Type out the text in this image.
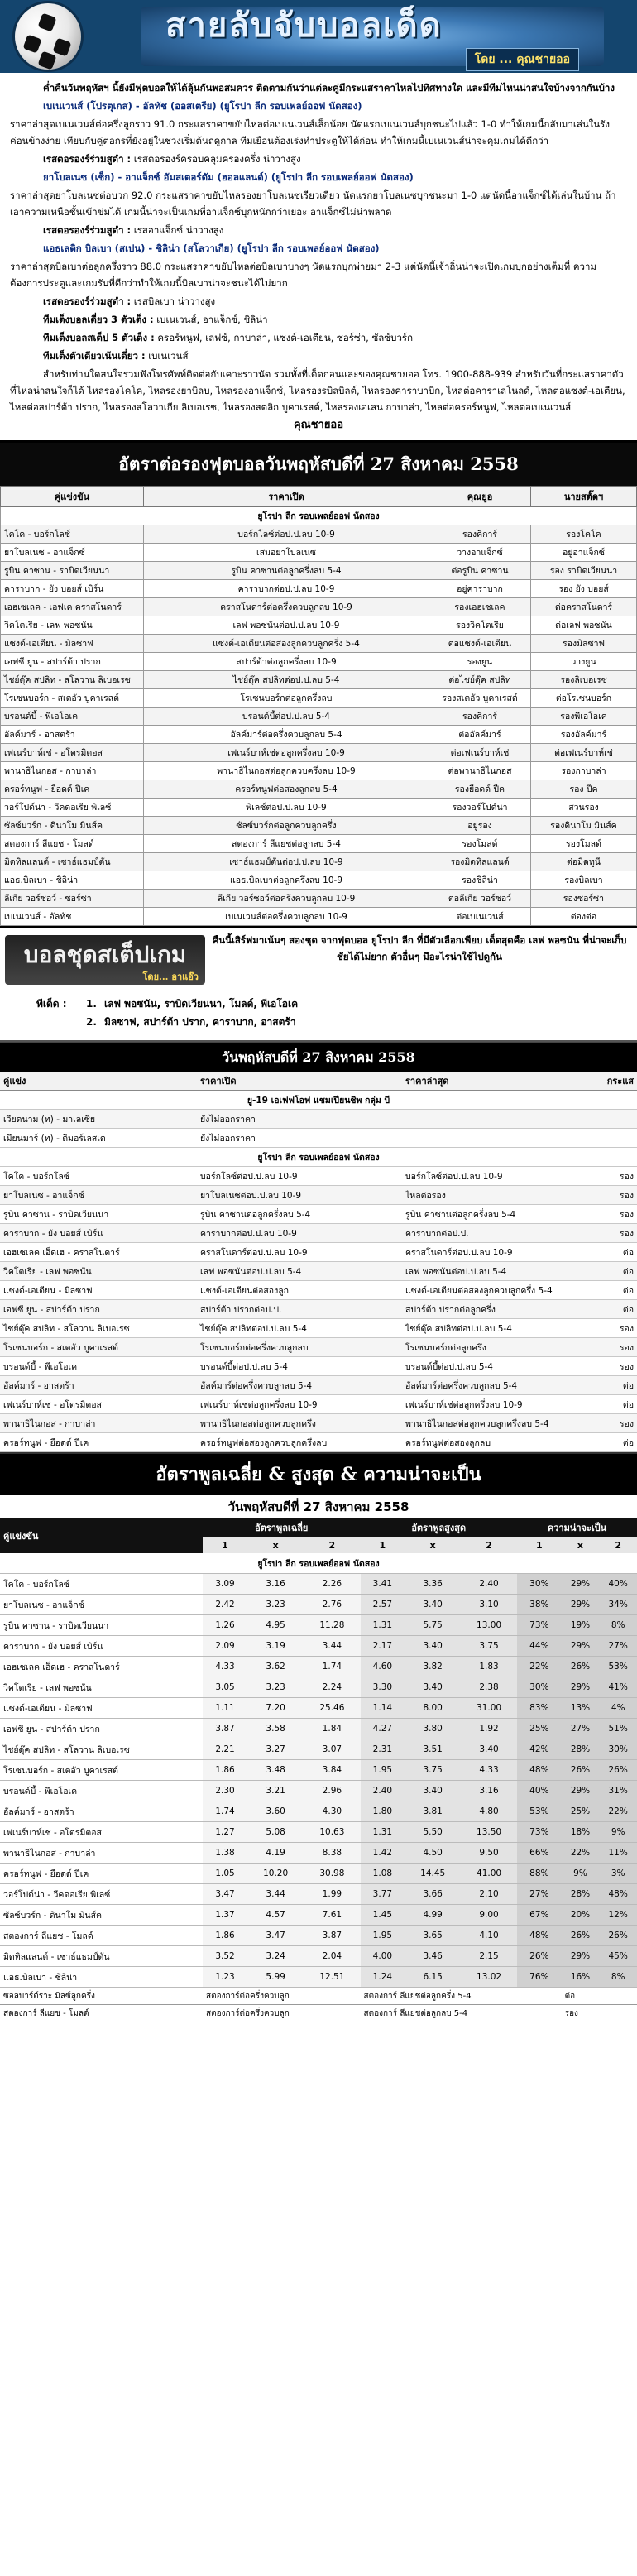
สายลับจับบอลเด็ด
โดย ... คุณชายออ

ค่ำคืนวันพฤหัสฯ นี้ยังมีฟุตบอลให้ได้ลุ้นกันพอสมควร ติดตามกันว่าแต่ละคู่มีกระแสราคาไหลไปทิศทางใด และมีทีมไหนน่าสนใจบ้างจากกันบ้าง

เบเนเวนส์ (โปรตุเกส) - อัลทัช (ออสเตรีย) (ยูโรปา ลีก รอบเพลย์ออฟ นัดสอง)

ราคาล่าสุดเบเนเวนส์ต่อครึ่งลูกราว 91.0 กระแสราคาขยับไหลต่อเบเนเวนส์เล็กน้อย นัดแรกเบเนเวนส์บุกชนะไปแล้ว 1-0 ทำให้เกมนี้กลับมาเล่นในรังค่อนข้างง่าย เทียบกับคู่ต่อกรที่ยังอยู่ในช่วงเริ่มต้นฤดูกาล ทีมเยือนต้องเร่งทำประตูให้ได้ก่อน ทำให้เกมนี้เบเนเวนส์น่าจะคุมเกมได้ดีกว่า

เรสตอรองร์ร่วมสูดำ : เรสตอรองร์ครอบคลุมครองครึ่ง น่าวางสูง

ยาโบลเนซ (เช็ก) - อาแจ็กซ์ อัมสเตอร์ดัม (ฮอลแลนด์) (ยูโรปา ลีก รอบเพลย์ออฟ นัดสอง)

ราคาล่าสุดยาโบลเนซต่อบวก 92.0 กระแสราคาขยับไหลรองยาโบลเนซเรียวเดียว นัดแรกยาโบลเนซบุกชนะมา 1-0 แต่นัดนี้อาแจ็กซ์ได้เล่นในบ้าน ถ้าเอาความเหนือชั้นเข้าข่มได้ เกมนี้น่าจะเป็นเกมที่อาแจ็กซ์บุกหนักกว่าเยอะ อาแจ็กซ์ไม่น่าพลาด

เรสตอรองร์ร่วมสูดำ : เรสอาแจ็กซ์ น่าวางสูง

แอธเลติก บิลเบา (สเปน) - ชิลิน่า (สโลวาเกีย) (ยูโรปา ลีก รอบเพลย์ออฟ นัดสอง)

ราคาล่าสุดบิลเบาต่อลูกครึ่งราว 88.0 กระแสราคาขยับไหลต่อบิลเบาบางๆ นัดแรกบุกพ่ายมา 2-3 แต่นัดนี้เจ้าถิ่นน่าจะเปิดเกมบุกอย่างเต็มที่ ความต้องการประตูและเกมรับที่ดีกว่าทำให้เกมนี้บิลเบาน่าจะชนะได้ไม่ยาก

เรสตอรองร์ร่วมสูดำ : เรสบิลเบา น่าวางสูง

ทีมเต็งบอลเดี่ยว 3 ตัวเต็ง : เบเนเวนส์, อาแจ็กซ์, ชิลิน่า

ทีมเต็งบอลสเต็ป 5 ตัวเต็ง : ครอร์ทนูฟ, เลฟซ์, กาบาล่า, แซงต์-เอเตียน, ซอร์ซ่า, ซัลซ์บวร์ก

ทีมเต็งตัวเดียวเน้นเดี่ยว : เบเนเวนส์

สำหรับท่านใดสนใจร่วมฟังโทรศัพท์ติดต่อกับเคาะราวนัด รวมทั้งที่เด็ดก่อนและของคุณชายออ โทร. 1900-888-939 สำหรับวันที่กระแสราคาตัวที่ไหลน่าสนใจก็ได้ ไหลรองโคโค, ไหลรองยาบิลบ, ไหลรองอาแจ็กซ์, ไหลรองรบิลบิลต์, ไหลรองคาราบาบิก, ไหลต่อคาราเลโนลด์, ไหลต่อแซงต์-เอเตียน, ไหลต่อสปาร์ต้า ปราก, ไหลรองสโลวาเกีย ลิเบอเรซ, ไหลรองสตลิก บูคาเรสต์, ไหลรองเอเลน กาบาล่า, ไหลต่อครอร์ทนูฟ, ไหลต่อเบเนเวนส์

คุณชายออ

อัตราต่อรองฟุตบอลวันพฤหัสบดีที่ 27 สิงหาคม 2558
คู่แข่งขัน	ราคาเปิด	คุณยูอ	นายสตั๊ดฯ
ยูโรปา ลีก รอบเพลย์ออฟ นัดสอง			
โคโค - บอร์กโลซ์	บอร์กโลซ์ต่อป.ป.ลบ 10-9	รองคิการ์	รองโคโค
ยาโบลเนซ - อาแจ็กซ์	เสมอยาโบลเนซ	วางอาแจ็กซ์	อยู่อาแจ็กซ์
รูบิน คาซาน - ราบิดเวียนนา	รูบิน คาซานต่อลูกครึ่งลบ 5-4	ต่อรูบิน คาซาน	รอง ราบิดเวียนนา
คาราบาก - ยัง บอยส์ เบิร์น	คาราบากต่อป.ป.ลบ 10-9	อยู่คาราบาก	รอง ยัง บอยส์
เอฮเซเลค - เอฟเค คราสโนดาร์	คราสโนดาร์ต่อครึ่งควบลูกลบ 10-9	รองเอฮเซเลค	ต่อคราสโนดาร์
วิคโตเรีย - เลฟ พอซนัน	เลฟ พอซนันต่อป.ป.ลบ 10-9	รองวิคโตเรีย	ต่อเลฟ พอซนัน
แซงต์-เอเตียน - มิลซาฟ	แซงต์-เอเตียนต่อสองลูกควบลูกครึ่ง 5-4	ต่อแซงต์-เอเตียน	รองมิลซาฟ
เอฟซี ยูน - สปาร์ต้า ปราก	สปาร์ต้าต่อลูกครึ่งลบ 10-9	รองยูน	วางยูน
ไชย์ดุ๊ค สปลิท - สโลวาน ลิเบอเรซ	ไชย์ดุ๊ค สปลิทต่อป.ป.ลบ 5-4	ต่อไชย์ดุ๊ค สปลิท	รองลิเบอเรซ
โรเซนบอร์ก - สเตอัว บูคาเรสต์	โรเซนบอร์กต่อลูกครึ่งลบ	รองสเตอัว บูคาเรสต์	ต่อโรเซนบอร์ก
บรอนด์บี้ - พีเอโอเค	บรอนด์บี้ต่อป.ป.ลบ 5-4	รองคิการ์	รองพีเอโอเค
อัลค์มาร์ - อาสตร้า	อัลค์มาร์ต่อครึ่งควบลูกลบ 5-4	ต่ออัลค์มาร์	รองอัลค์มาร์
เฟเนร์บาห์เช่ - อโตรมิตอส	เฟเนร์บาห์เช่ต่อลูกครึ่งลบ 10-9	ต่อเฟเนร์บาห์เช่	ต่อเฟเนร์บาห์เช่
พานาธิไนกอส - กาบาล่า	พานาธิไนกอสต่อลูกควบครึ่งลบ 10-9	ต่อพานาธิไนกอส	รองกาบาล่า
ครอร์ทนูฟ - ยือดด์ ปีเค	ครอร์ทนูฟต่อสองลูกลบ 5-4	รองยือดด์ ปีค	รอง ปีค
วอร์โปด์น่า - วีคดอเรีย พิเลซ์	พิเลซ์ต่อป.ป.ลบ 10-9	รองวอร์โปด์น่า	สวนรอง
ซัลซ์บวร์ก - ดินาโม มินส์ค	ซัลซ์บวร์กต่อลูกควบลูกครึ่ง	อยู่รอง	รองดินาโม มินส์ค
สตองการ์ ลีแยช - โมลด์	สตองการ์ ลีแยชต่อลูกลบ 5-4	รองโมลด์	รองโมลด์
มิดทิลแลนด์ - เซาธ์แธมป์ตัน	เซาธ์แธมป์ตันต่อป.ป.ลบ 10-9	รองมิดทิลแลนด์	ต่อมิดทูนี
แอธ.บิลเบา - ชิลิน่า	แอธ.บิลเบาต่อลูกครึ่งลบ 10-9	รองชิลิน่า	รองบิลเบา
ลีเกีย วอร์ซอว์ - ซอร์ซ่า	ลีเกีย วอร์ซอว์ต่อครึ่งควบลูกลบ 10-9	ต่อลีเกีย วอร์ซอว์	รองซอร์ซ่า
เบเนเวนส์ - อัลทัช	เบเนเวนส์ต่อครึ่งควบลูกลบ 10-9	ต่อเบเนเวนส์	ต่องต่อ
บอลชุดสเต็ปเกม
โดย... อาแอ๊ว
คืนนี้เสิร์ฟมาเน้นๆ สองชุด จากฟุตบอล ยูโรปา ลีก ที่มีตัวเลือกเพียบ เด็ดสุดคือ เลฟ พอซนัน ที่น่าจะเก็บชัยได้ไม่ยาก ตัวอื่นๆ มีอะไรน่าใช้ไปดูกัน
ทีเด็ด : 1. เลฟ พอซนัน, ราบิดเวียนนา, โมลด์, พีเอโอเค
2. มิลซาฟ, สปาร์ต้า ปราก, คาราบาก, อาสตร้า
วันพฤหัสบดีที่ 27 สิงหาคม 2558
คู่แข่ง	ราคาเปิด	ราคาล่าสุด	กระแส
ยู-19 เอเฟฟโอฟ แชมเปียนชิพ กลุ่ม บี			
เวียดนาม (ท) - มาเลเซีย	ยังไม่ออกราคา		
เมียนมาร์ (ท) - ติมอร์เลสเต	ยังไม่ออกราคา		
ยูโรปา ลีก รอบเพลย์ออฟ นัดสอง			
โคโค - บอร์กโลซ์	บอร์กโลซ์ต่อป.ป.ลบ 10-9	บอร์กโลซ์ต่อป.ป.ลบ 10-9	รอง
ยาโบลเนซ - อาแจ็กซ์	ยาโบลเนซต่อป.ป.ลบ 10-9	ไหลต่อรอง	รอง
รูบิน คาซาน - ราบิดเวียนนา	รูบิน คาซานต่อลูกครึ่งลบ 5-4	รูบิน คาซานต่อลูกครึ่งลบ 5-4	รอง
คาราบาก - ยัง บอยส์ เบิร์น	คาราบากต่อป.ป.ลบ 10-9	คาราบากต่อป.ป.	รอง
เอฮเซเลค เอ็ดเฮ - คราสโนดาร์	คราสโนดาร์ต่อป.ป.ลบ 10-9	คราสโนดาร์ต่อป.ป.ลบ 10-9	ต่อ
วิคโตเรีย - เลฟ พอซนัน	เลฟ พอซนันต่อป.ป.ลบ 5-4	เลฟ พอซนันต่อป.ป.ลบ 5-4	ต่อ
แซงต์-เอเตียน - มิลซาฟ	แซงต์-เอเตียนต่อสองลูก	แซงต์-เอเตียนต่อสองลูกควบลูกครึ่ง 5-4	ต่อ
เอฟซี ยูน - สปาร์ต้า ปราก	สปาร์ต้า ปรากต่อป.ป.	สปาร์ต้า ปรากต่อลูกครึ่ง	ต่อ
ไชย์ดุ๊ค สปลิท - สโลวาน ลิเบอเรซ	ไชย์ดุ๊ค สปลิทต่อป.ป.ลบ 5-4	ไชย์ดุ๊ค สปลิทต่อป.ป.ลบ 5-4	รอง
โรเซนบอร์ก - สเตอัว บูคาเรสต์	โรเซนบอร์กต่อครึ่งควบลูกลบ	โรเซนบอร์กต่อลูกครึ่ง	รอง
บรอนด์บี้ - พีเอโอเค	บรอนด์บี้ต่อป.ป.ลบ 5-4	บรอนด์บี้ต่อป.ป.ลบ 5-4	รอง
อัลค์มาร์ - อาสตร้า	อัลค์มาร์ต่อครึ่งควบลูกลบ 5-4	อัลค์มาร์ต่อครึ่งควบลูกลบ 5-4	ต่อ
เฟเนร์บาห์เช่ - อโตรมิตอส	เฟเนร์บาห์เช่ต่อลูกครึ่งลบ 10-9	เฟเนร์บาห์เช่ต่อลูกครึ่งลบ 10-9	ต่อ
พานาธิไนกอส - กาบาล่า	พานาธิไนกอสต่อลูกควบลูกครึ่ง	พานาธิไนกอสต่อลูกควบลูกครึ่งลบ 5-4	รอง
ครอร์ทนูฟ - ยือดด์ ปีเค	ครอร์ทนูฟต่อสองลูกควบลูกครึ่งลบ	ครอร์ทนูฟต่อสองลูกลบ	ต่อ
อัตราพูลเฉลี่ย & สูงสุด & ความน่าจะเป็น
วันพฤหัสบดีที่ 27 สิงหาคม 2558
คู่แข่งขัน	อัตราพูลเฉลี่ย			อัตราพูลสูงสุด			ความน่าจะเป็น		
	1	x	2	1	x	2	1	x	2
ยูโรปา ลีก รอบเพลย์ออฟ นัดสอง									
โคโค - บอร์กโลซ์	3.09	3.16	2.26	3.41	3.36	2.40	30%	29%	40%
ยาโบลเนซ - อาแจ็กซ์	2.42	3.23	2.76	2.57	3.40	3.10	38%	29%	34%
รูบิน คาซาน - ราบิดเวียนนา	1.26	4.95	11.28	1.31	5.75	13.00	73%	19%	8%
คาราบาก - ยัง บอยส์ เบิร์น	2.09	3.19	3.44	2.17	3.40	3.75	44%	29%	27%
เอฮเซเลค เอ็ดเฮ - คราสโนดาร์	4.33	3.62	1.74	4.60	3.82	1.83	22%	26%	53%
วิคโตเรีย - เลฟ พอซนัน	3.05	3.23	2.24	3.30	3.40	2.38	30%	29%	41%
แซงต์-เอเตียน - มิลซาฟ	1.11	7.20	25.46	1.14	8.00	31.00	83%	13%	4%
เอฟซี ยูน - สปาร์ต้า ปราก	3.87	3.58	1.84	4.27	3.80	1.92	25%	27%	51%
ไชย์ดุ๊ค สปลิท - สโลวาน ลิเบอเรซ	2.21	3.27	3.07	2.31	3.51	3.40	42%	28%	30%
โรเซนบอร์ก - สเตอัว บูคาเรสต์	1.86	3.48	3.84	1.95	3.75	4.33	48%	26%	26%
บรอนด์บี้ - พีเอโอเค	2.30	3.21	2.96	2.40	3.40	3.16	40%	29%	31%
อัลค์มาร์ - อาสตร้า	1.74	3.60	4.30	1.80	3.81	4.80	53%	25%	22%
เฟเนร์บาห์เช่ - อโตรมิตอส	1.27	5.08	10.63	1.31	5.50	13.50	73%	18%	9%
พานาธิไนกอส - กาบาล่า	1.38	4.19	8.38	1.42	4.50	9.50	66%	22%	11%
ครอร์ทนูฟ - ยือดด์ ปีเค	1.05	10.20	30.98	1.08	14.45	41.00	88%	9%	3%
วอร์โปด์น่า - วีคดอเรีย พิเลซ์	3.47	3.44	1.99	3.77	3.66	2.10	27%	28%	48%
ซัลซ์บวร์ก - ดินาโม มินส์ค	1.37	4.57	7.61	1.45	4.99	9.00	67%	20%	12%
สตองการ์ ลีแยช - โมลด์	1.86	3.47	3.87	1.95	3.65	4.10	48%	26%	26%
มิดทิลแลนด์ - เซาธ์แธมป์ตัน	3.52	3.24	2.04	4.00	3.46	2.15	26%	29%	45%
แอธ.บิลเบา - ชิลิน่า	1.23	5.99	12.51	1.24	6.15	13.02	76%	16%	8%
ซอลบาร์ต์ราะ มิลซ์ลูกครึ่ง	สตองการ์ต่อครึ่งควบลูก			สตองการ์ ลีแยชต่อลูกครึ่ง 5-4				ต่อ	
สตองการ์ ลีแยช - โมลด์	สตองการ์ต่อครึ่งควบลูก			สตองการ์ ลีแยชต่อลูกลบ 5-4				รอง	
